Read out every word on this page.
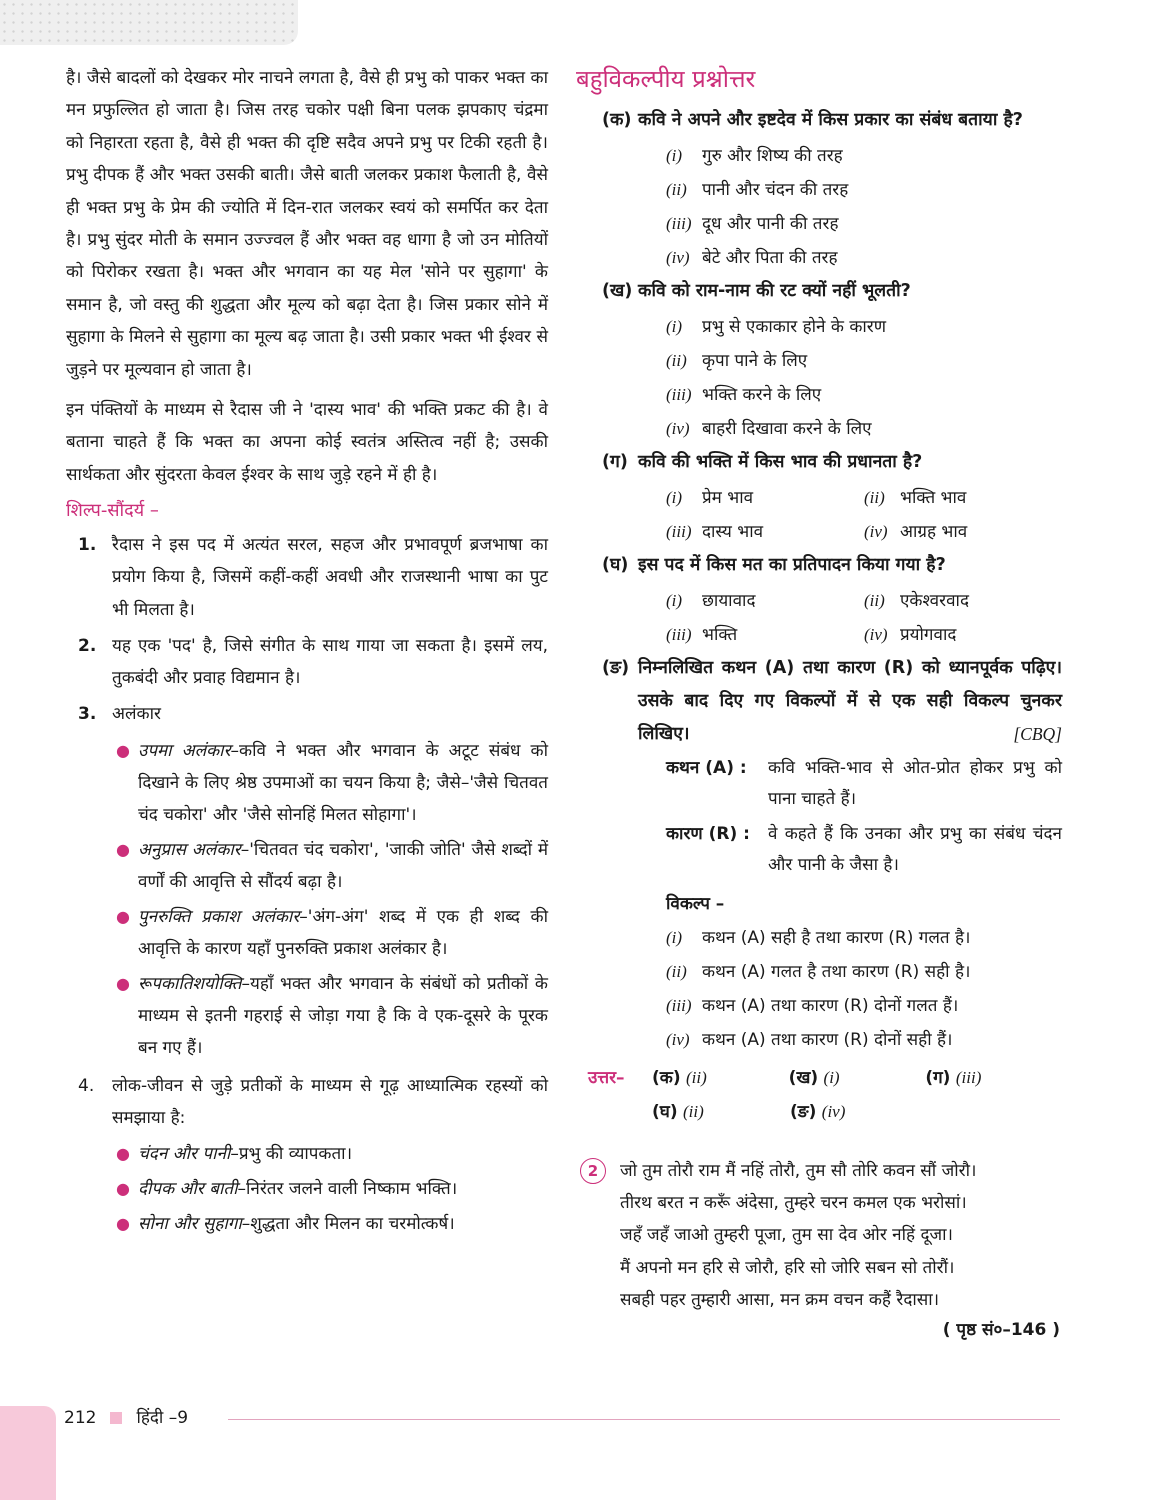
है। जैसे बादलों को देखकर मोर नाचने लगता है, वैसे ही प्रभु को पाकर भक्त का मन प्रफुल्लित हो जाता है। जिस तरह चकोर पक्षी बिना पलक झपकाए चंद्रमा को निहारता रहता है, वैसे ही भक्त की दृष्टि सदैव अपने प्रभु पर टिकी रहती है। प्रभु दीपक हैं और भक्त उसकी बाती। जैसे बाती जलकर प्रकाश फैलाती है, वैसे ही भक्त प्रभु के प्रेम की ज्योति में दिन-रात जलकर स्वयं को समर्पित कर देता है। प्रभु सुंदर मोती के समान उज्ज्वल हैं और भक्त वह धागा है जो उन मोतियों को पिरोकर रखता है। भक्त और भगवान का यह मेल 'सोने पर सुहागा' के समान है, जो वस्तु की शुद्धता और मूल्य को बढ़ा देता है। जिस प्रकार सोने में सुहागा के मिलने से सुहागा का मूल्य बढ़ जाता है। उसी प्रकार भक्त भी ईश्वर से जुड़ने पर मूल्यवान हो जाता है।

इन पंक्तियों के माध्यम से रैदास जी ने 'दास्य भाव' की भक्ति प्रकट की है। वे बताना चाहते हैं कि भक्त का अपना कोई स्वतंत्र अस्तित्व नहीं है; उसकी सार्थकता और सुंदरता केवल ईश्वर के साथ जुड़े रहने में ही है।

शिल्प-सौंदर्य –
1. रैदास ने इस पद में अत्यंत सरल, सहज और प्रभावपूर्ण ब्रजभाषा का प्रयोग किया है, जिसमें कहीं-कहीं अवधी और राजस्थानी भाषा का पुट भी मिलता है।
2. यह एक 'पद' है, जिसे संगीत के साथ गाया जा सकता है। इसमें लय, तुकबंदी और प्रवाह विद्यमान है।
3. अलंकार
● उपमा अलंकार–कवि ने भक्त और भगवान के अटूट संबंध को दिखाने के लिए श्रेष्ठ उपमाओं का चयन किया है; जैसे–'जैसे चितवत चंद चकोरा' और 'जैसे सोनहिं मिलत सोहागा'।
● अनुप्रास अलंकार–'चितवत चंद चकोरा', 'जाकी जोति' जैसे शब्दों में वर्णों की आवृत्ति से सौंदर्य बढ़ा है।
● पुनरुक्ति प्रकाश अलंकार–'अंग-अंग' शब्द में एक ही शब्द की आवृत्ति के कारण यहाँ पुनरुक्ति प्रकाश अलंकार है।
● रूपकातिशयोक्ति–यहाँ भक्त और भगवान के संबंधों को प्रतीकों के माध्यम से इतनी गहराई से जोड़ा गया है कि वे एक-दूसरे के पूरक बन गए हैं।
4. लोक-जीवन से जुड़े प्रतीकों के माध्यम से गूढ़ आध्यात्मिक रहस्यों को समझाया है:
● चंदन और पानी–प्रभु की व्यापकता।
● दीपक और बाती–निरंतर जलने वाली निष्काम भक्ति।
● सोना और सुहागा–शुद्धता और मिलन का चरमोत्कर्ष।
बहुविकल्पीय प्रश्नोत्तर
(क) कवि ने अपने और इष्टदेव में किस प्रकार का संबंध बताया है?
(i) गुरु और शिष्य की तरह
(ii) पानी और चंदन की तरह
(iii) दूध और पानी की तरह
(iv) बेटे और पिता की तरह
(ख) कवि को राम-नाम की रट क्यों नहीं भूलती?
(i) प्रभु से एकाकार होने के कारण
(ii) कृपा पाने के लिए
(iii) भक्ति करने के लिए
(iv) बाहरी दिखावा करने के लिए
(ग) कवि की भक्ति में किस भाव की प्रधानता है?
(i) प्रेम भाव	(ii) भक्ति भाव
(iii) दास्य भाव	(iv) आग्रह भाव
(घ) इस पद में किस मत का प्रतिपादन किया गया है?
(i) छायावाद	(ii) एकेश्वरवाद
(iii) भक्ति	(iv) प्रयोगवाद
(ङ) निम्नलिखित कथन (A) तथा कारण (R) को ध्यानपूर्वक पढ़िए। उसके बाद दिए गए विकल्पों में से एक सही विकल्प चुनकर लिखिए।	[CBQ]
कथन (A) :	कवि भक्ति-भाव से ओत-प्रोत होकर प्रभु को पाना चाहते हैं।
कारण (R) :	वे कहते हैं कि उनका और प्रभु का संबंध चंदन और पानी के जैसा है।
विकल्प –
(i) कथन (A) सही है तथा कारण (R) गलत है।
(ii) कथन (A) गलत है तथा कारण (R) सही है।
(iii) कथन (A) तथा कारण (R) दोनों गलत हैं।
(iv) कथन (A) तथा कारण (R) दोनों सही हैं।
उत्तर– (क) (ii)	(ख) (i)	(ग) (iii)
(घ) (ii)	(ङ) (iv)
2	जो तुम तोरौ राम मैं नहिं तोरौ, तुम सौ तोरि कवन सौं जोरौ।
तीरथ बरत न करूँ अंदेसा, तुम्हरे चरन कमल एक भरोसां।
जहँ जहँ जाओ तुम्हरी पूजा, तुम सा देव ओर नहिं दूजा।
मैं अपनो मन हरि से जोरौ, हरि सो जोरि सबन सो तोरौं।
सबही पहर तुम्हारी आसा, मन क्रम वचन कहैं रैदासा।
( पृष्ठ सं०–146 )
212 हिंदी –9
